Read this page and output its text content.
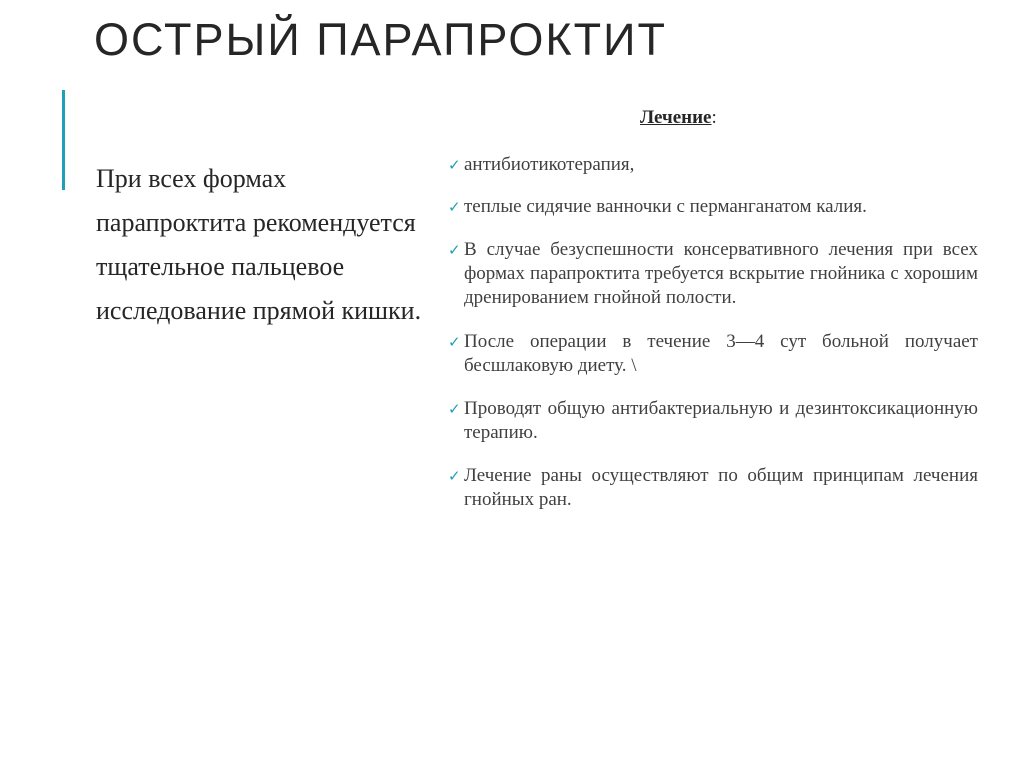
ОСТРЫЙ ПАРАПРОКТИТ
При всех формах парапроктита рекомендуется тщательное пальцевое исследование прямой кишки.
Лечение:
✓ антибиотикотерапия,
✓ теплые сидячие ванночки с перманганатом калия.
✓ В случае безуспешности консервативного лечения при всех формах парапроктита требуется вскрытие гнойника с хорошим дренированием гнойной полости.
✓ После операции в течение 3—4 сут больной получает бесшлаковую диету. \
✓ Проводят общую антибактериальную и дезинтоксикационную терапию.
✓ Лечение раны осуществляют по общим принципам лечения гнойных ран.
